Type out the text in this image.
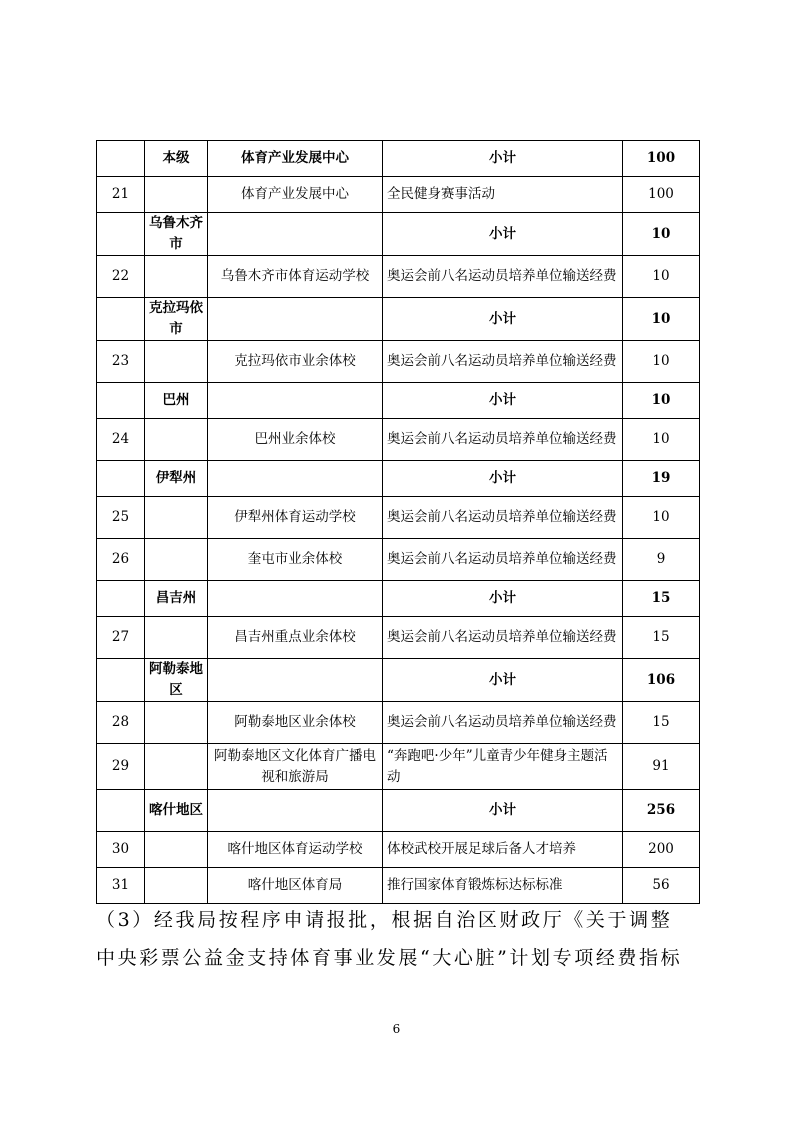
	本级	体育产业发展中心	小计	100
21		体育产业发展中心	全民健身赛事活动	100
	乌鲁木齐市		小计	10
22		乌鲁木齐市体育运动学校	奥运会前八名运动员培养单位输送经费	10
	克拉玛依市		小计	10
23		克拉玛依市业余体校	奥运会前八名运动员培养单位输送经费	10
	巴州		小计	10
24		巴州业余体校	奥运会前八名运动员培养单位输送经费	10
	伊犁州		小计	19
25		伊犁州体育运动学校	奥运会前八名运动员培养单位输送经费	10
26		奎屯市业余体校	奥运会前八名运动员培养单位输送经费	9
	昌吉州		小计	15
27		昌吉州重点业余体校	奥运会前八名运动员培养单位输送经费	15
	阿勒泰地区		小计	106
28		阿勒泰地区业余体校	奥运会前八名运动员培养单位输送经费	15
29		阿勒泰地区文化体育广播电视和旅游局	“奔跑吧·少年”儿童青少年健身主题活动	91
	喀什地区		小计	256
30		喀什地区体育运动学校	体校武校开展足球后备人才培养	200
31		喀什地区体育局	推行国家体育锻炼标达标标准	56
（3）经我局按程序申请报批，根据自治区财政厅《关于调整
中央彩票公益金支持体育事业发展“大心脏”计划专项经费指标
6
